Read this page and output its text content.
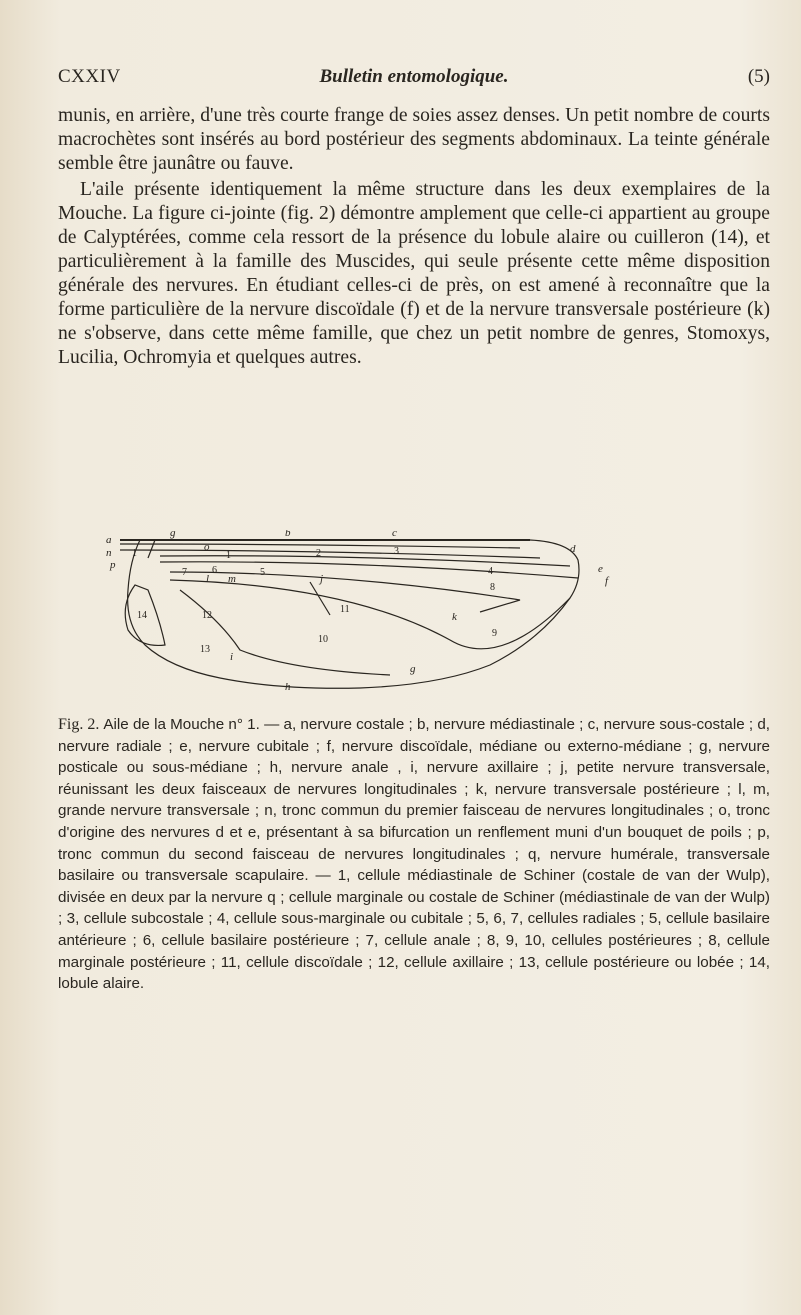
CXXIV	Bulletin entomologique.	(5)

munis, en arrière, d'une très courte frange de soies assez denses. Un petit nombre de courts macrochètes sont insérés au bord postérieur des segments abdominaux. La teinte générale semble être jaunâtre ou fauve.

L'aile présente identiquement la même structure dans les deux exemplaires de la Mouche. La figure ci-jointe (fig. 2) démontre amplement que celle-ci appartient au groupe de Calyptérées, comme cela ressort de la présence du lobule alaire ou cuilleron (14), et particulièrement à la famille des Muscides, qui seule présente cette même disposition générale des nervures. En étudiant celles-ci de près, on est amené à reconnaître que la forme particulière de la nervure discoïdale (f) et de la nervure transversale postérieure (k) ne s'observe, dans cette même famille, que chez un petit nombre de genres, Stomoxys, Lucilia, Ochromyia et quelques autres.

a
g	b	c
d
e
f
n
p
o
m
l	j
k
i
h
g
1	1	2	3
4
5
6
7
8
9
10
11
12
13
14
Fig. 2. Aile de la Mouche n° 1. — a, nervure costale ; b, nervure médiastinale ; c, nervure sous-costale ; d, nervure radiale ; e, nervure cubitale ; f, nervure discoïdale, médiane ou externo-médiane ; g, nervure posticale ou sous-médiane ; h, nervure anale , i, nervure axillaire ; j, petite nervure transversale, réunissant les deux faisceaux de nervures longitudinales ; k, nervure transversale postérieure ; l, m, grande nervure transversale ; n, tronc commun du premier faisceau de nervures longitudinales ; o, tronc d'origine des nervures d et e, présentant à sa bifurcation un renflement muni d'un bouquet de poils ; p, tronc commun du second faisceau de nervures longitudinales ; q, nervure humérale, transversale basilaire ou transversale scapulaire. — 1, cellule médiastinale de Schiner (costale de van der Wulp), divisée en deux par la nervure q ; cellule marginale ou costale de Schiner (médiastinale de van der Wulp) ; 3, cellule subcostale ; 4, cellule sous-marginale ou cubitale ; 5, 6, 7, cellules radiales ; 5, cellule basilaire antérieure ; 6, cellule basilaire postérieure ; 7, cellule anale ; 8, 9, 10, cellules postérieures ; 8, cellule marginale postérieure ; 11, cellule discoïdale ; 12, cellule axillaire ; 13, cellule postérieure ou lobée ; 14, lobule alaire.
